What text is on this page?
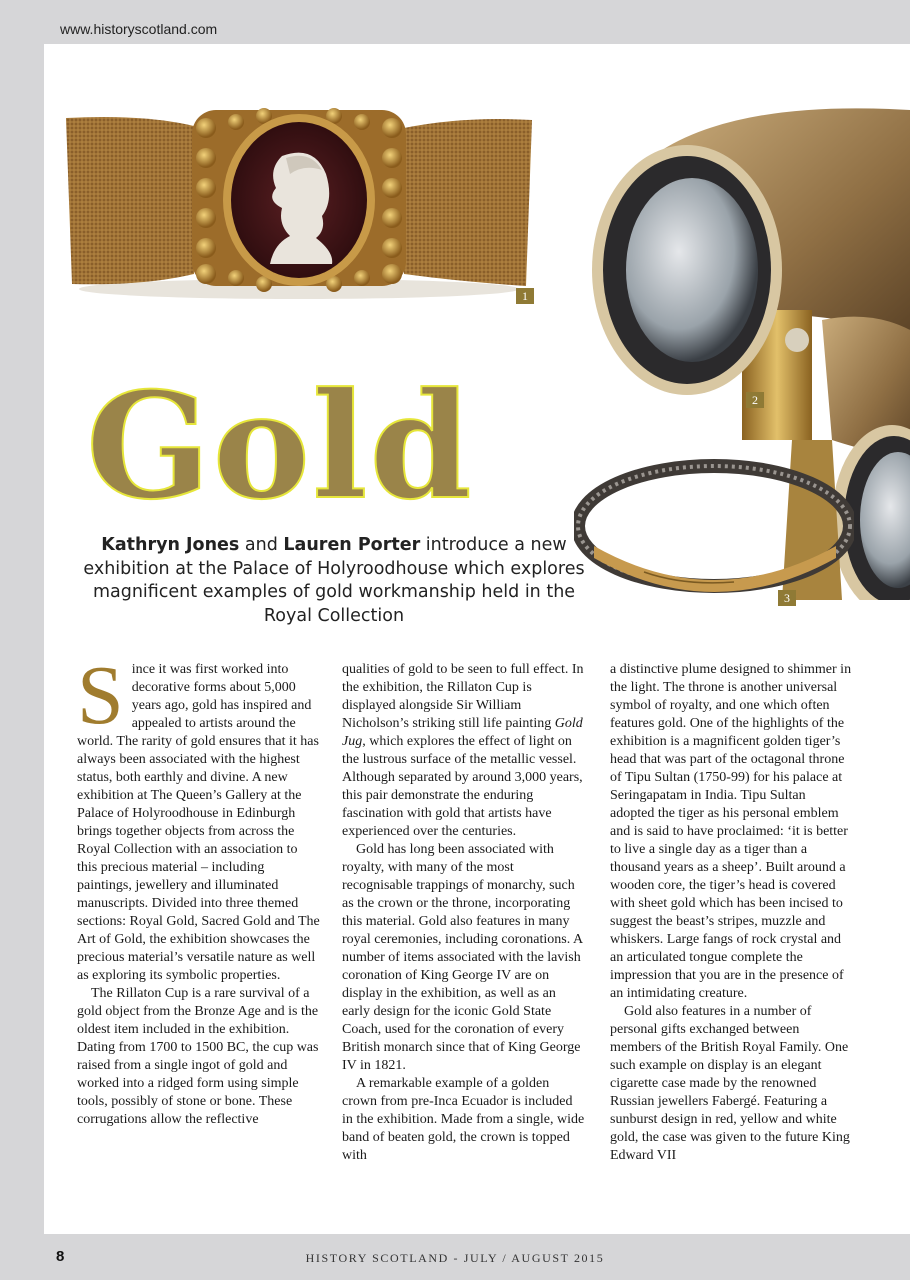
www.historyscotland.com
1
2
3
Gold
Kathryn Jones and Lauren Porter introduce a new exhibition at the Palace of Holyroodhouse which explores magnificent examples of gold workmanship held in the Royal Collection

Since it was first worked into decorative forms about 5,000 years ago, gold has inspired and appealed to artists around the world. The rarity of gold ensures that it has always been associated with the highest status, both earthly and divine. A new exhibition at The Queen’s Gallery at the Palace of Holyroodhouse in Edinburgh brings together objects from across the Royal Collection with an association to this precious material – including paintings, jewellery and illuminated manuscripts. Divided into three themed sections: Royal Gold, Sacred Gold and The Art of Gold, the exhibition showcases the precious material’s versatile nature as well as exploring its symbolic properties.

The Rillaton Cup is a rare survival of a gold object from the Bronze Age and is the oldest item included in the exhibition. Dating from 1700 to 1500 BC, the cup was raised from a single ingot of gold and worked into a ridged form using simple tools, possibly of stone or bone. These corrugations allow the reflective

qualities of gold to be seen to full effect. In the exhibition, the Rillaton Cup is displayed alongside Sir William Nicholson’s striking still life painting Gold Jug, which explores the effect of light on the lustrous surface of the metallic vessel. Although separated by around 3,000 years, this pair demonstrate the enduring fascination with gold that artists have experienced over the centuries.

Gold has long been associated with royalty, with many of the most recognisable trappings of monarchy, such as the crown or the throne, incorporating this material. Gold also features in many royal ceremonies, including coronations. A number of items associated with the lavish coronation of King George IV are on display in the exhibition, as well as an early design for the iconic Gold State Coach, used for the coronation of every British monarch since that of King George IV in 1821.

A remarkable example of a golden crown from pre-Inca Ecuador is included in the exhibition. Made from a single, wide band of beaten gold, the crown is topped with

a distinctive plume designed to shimmer in the light. The throne is another universal symbol of royalty, and one which often features gold. One of the highlights of the exhibition is a magnificent golden tiger’s head that was part of the octagonal throne of Tipu Sultan (1750-99) for his palace at Seringapatam in India. Tipu Sultan adopted the tiger as his personal emblem and is said to have proclaimed: ‘it is better to live a single day as a tiger than a thousand years as a sheep’. Built around a wooden core, the tiger’s head is covered with sheet gold which has been incised to suggest the beast’s stripes, muzzle and whiskers. Large fangs of rock crystal and an articulated tongue complete the impression that you are in the presence of an intimidating creature.

Gold also features in a number of personal gifts exchanged between members of the British Royal Family. One such example on display is an elegant cigarette case made by the renowned Russian jewellers Fabergé. Featuring a sunburst design in red, yellow and white gold, the case was given to the future King Edward VII

8	HISTORY SCOTLAND - JULY / AUGUST 2015
